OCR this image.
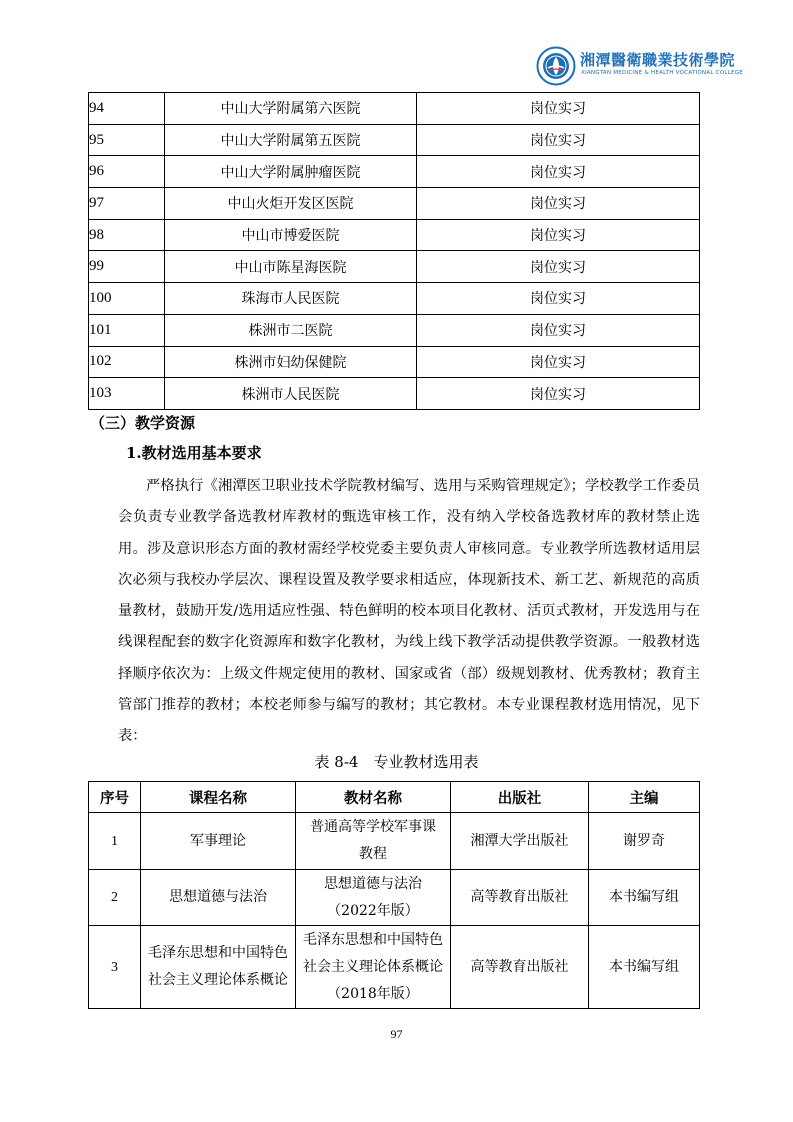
湘潭醫衛職業技術學院
XIANGTAN MEDICINE & HEALTH VOCATIONAL COLLEGE
94	中山大学附属第六医院	岗位实习
95	中山大学附属第五医院	岗位实习
96	中山大学附属肿瘤医院	岗位实习
97	中山火炬开发区医院	岗位实习
98	中山市博爱医院	岗位实习
99	中山市陈星海医院	岗位实习
100	珠海市人民医院	岗位实习
101	株洲市二医院	岗位实习
102	株洲市妇幼保健院	岗位实习
103	株洲市人民医院	岗位实习
（三）教学资源
1.教材选用基本要求

严格执行《湘潭医卫职业技术学院教材编写、选用与采购管理规定》；学校教学工作委员会负责专业教学备选教材库教材的甄选审核工作，没有纳入学校备选教材库的教材禁止选用。涉及意识形态方面的教材需经学校党委主要负责人审核同意。专业教学所选教材适用层次必须与我校办学层次、课程设置及教学要求相适应，体现新技术、新工艺、新规范的高质量教材，鼓励开发/选用适应性强、特色鲜明的校本项目化教材、活页式教材，开发选用与在线课程配套的数字化资源库和数字化教材，为线上线下教学活动提供教学资源。一般教材选择顺序依次为：上级文件规定使用的教材、国家或省（部）级规划教材、优秀教材；教育主管部门推荐的教材；本校老师参与编写的教材；其它教材。本专业课程教材选用情况，见下表：

表 8-4　专业教材选用表
序号	课程名称	教材名称	出版社	主编
1	军事理论	普通高等学校军事课教程	湘潭大学出版社	谢罗奇
2	思想道德与法治	思想道德与法治（2022年版）	高等教育出版社	本书编写组
3	毛泽东思想和中国特色社会主义理论体系概论	毛泽东思想和中国特色社会主义理论体系概论（2018年版）	高等教育出版社	本书编写组
97
